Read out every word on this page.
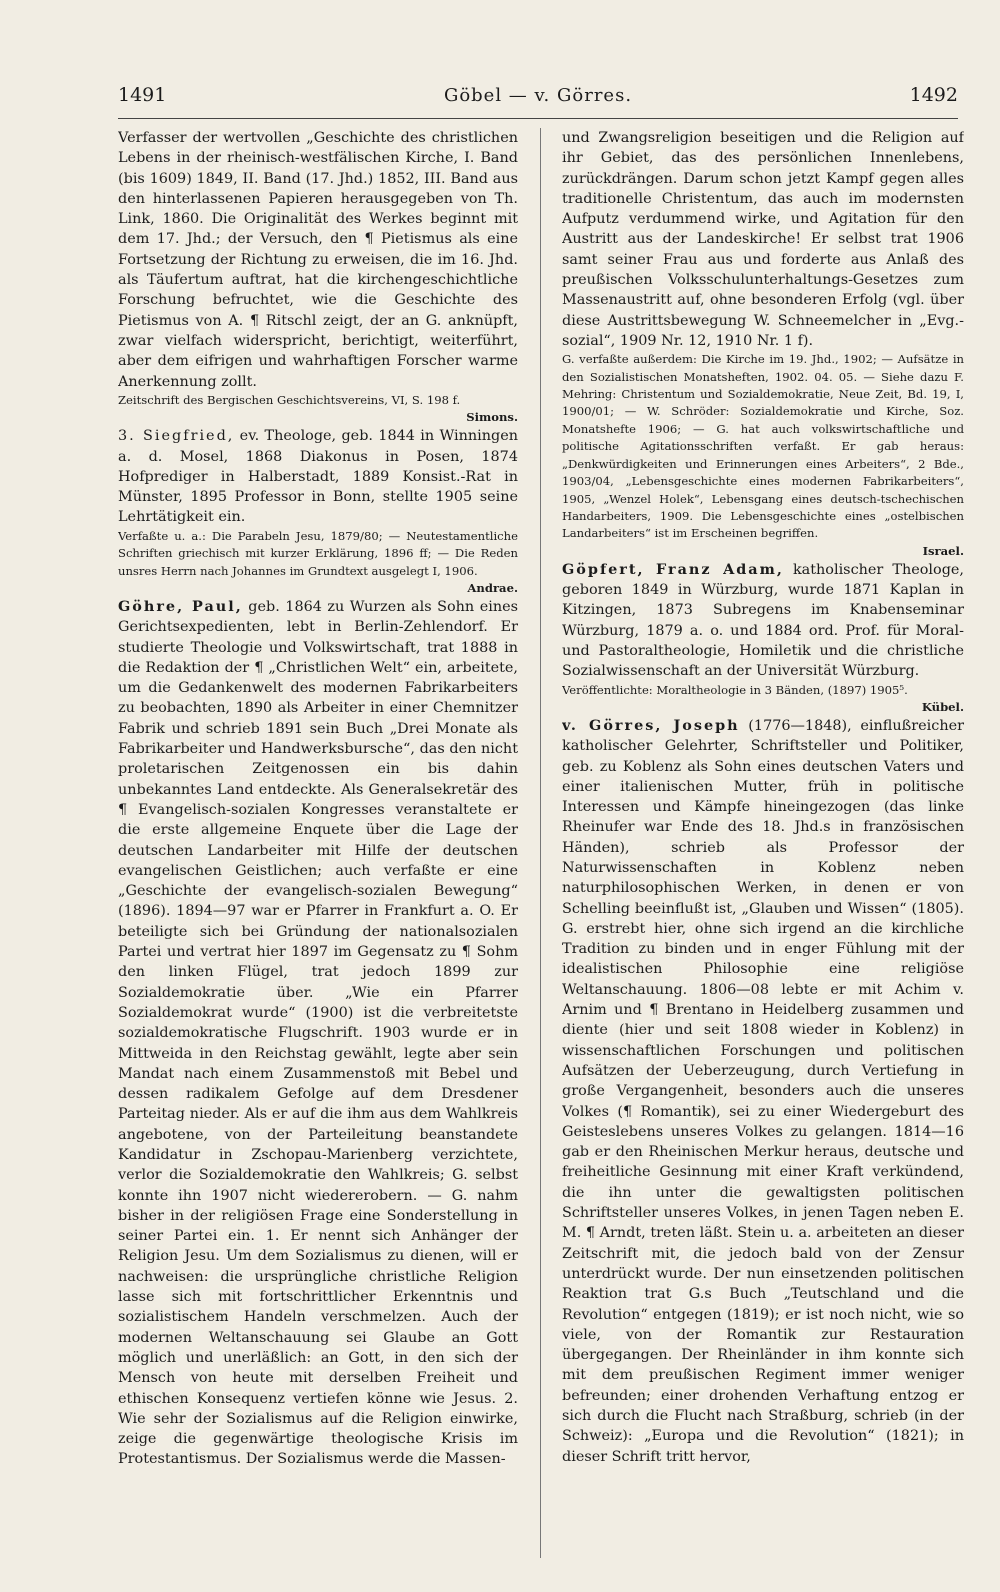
1491	Göbel — v. Görres.	1492

Verfasser der wertvollen „Geschichte des christlichen Lebens in der rheinisch-westfälischen Kirche, I. Band (bis 1609) 1849, II. Band (17. Jhd.) 1852, III. Band aus den hinterlassenen Papieren herausgegeben von Th. Link, 1860. Die Originalität des Werkes beginnt mit dem 17. Jhd.; der Versuch, den ¶ Pietismus als eine Fortsetzung der Richtung zu erweisen, die im 16. Jhd. als Täufertum auftrat, hat die kirchengeschichtliche Forschung befruchtet, wie die Geschichte des Pietismus von A. ¶ Ritschl zeigt, der an G. anknüpft, zwar vielfach widerspricht, berichtigt, weiterführt, aber dem eifrigen und wahrhaftigen Forscher warme Anerkennung zollt.

Zeitschrift des Bergischen Geschichtsvereins, VI, S. 198 f.

Simons.

3. Siegfried, ev. Theologe, geb. 1844 in Winningen a. d. Mosel, 1868 Diakonus in Posen, 1874 Hofprediger in Halberstadt, 1889 Konsist.-Rat in Münster, 1895 Professor in Bonn, stellte 1905 seine Lehrtätigkeit ein.

Verfaßte u. a.: Die Parabeln Jesu, 1879/80; — Neutestamentliche Schriften griechisch mit kurzer Erklärung, 1896 ff; — Die Reden unsres Herrn nach Johannes im Grundtext ausgelegt I, 1906.

Andrae.

Göhre, Paul, geb. 1864 zu Wurzen als Sohn eines Gerichtsexpedienten, lebt in Berlin-Zehlendorf. Er studierte Theologie und Volkswirtschaft, trat 1888 in die Redaktion der ¶ „Christlichen Welt“ ein, arbeitete, um die Gedankenwelt des modernen Fabrikarbeiters zu beobachten, 1890 als Arbeiter in einer Chemnitzer Fabrik und schrieb 1891 sein Buch „Drei Monate als Fabrikarbeiter und Handwerksbursche“, das den nicht proletarischen Zeitgenossen ein bis dahin unbekanntes Land entdeckte. Als Generalsekretär des ¶ Evangelisch-sozialen Kongresses veranstaltete er die erste allgemeine Enquete über die Lage der deutschen Landarbeiter mit Hilfe der deutschen evangelischen Geistlichen; auch verfaßte er eine „Geschichte der evangelisch-sozialen Bewegung“ (1896). 1894—97 war er Pfarrer in Frankfurt a. O. Er beteiligte sich bei Gründung der nationalsozialen Partei und vertrat hier 1897 im Gegensatz zu ¶ Sohm den linken Flügel, trat jedoch 1899 zur Sozialdemokratie über. „Wie ein Pfarrer Sozialdemokrat wurde“ (1900) ist die verbreitetste sozialdemokratische Flugschrift. 1903 wurde er in Mittweida in den Reichstag gewählt, legte aber sein Mandat nach einem Zusammenstoß mit Bebel und dessen radikalem Gefolge auf dem Dresdener Parteitag nieder. Als er auf die ihm aus dem Wahlkreis angebotene, von der Parteileitung beanstandete Kandidatur in Zschopau-Marienberg verzichtete, verlor die Sozialdemokratie den Wahlkreis; G. selbst konnte ihn 1907 nicht wiedererobern. — G. nahm bisher in der religiösen Frage eine Sonderstellung in seiner Partei ein. 1. Er nennt sich Anhänger der Religion Jesu. Um dem Sozialismus zu dienen, will er nachweisen: die ursprüngliche christliche Religion lasse sich mit fortschrittlicher Erkenntnis und sozialistischem Handeln verschmelzen. Auch der modernen Weltanschauung sei Glaube an Gott möglich und unerläßlich: an Gott, in den sich der Mensch von heute mit derselben Freiheit und ethischen Konsequenz vertiefen könne wie Jesus. 2. Wie sehr der Sozialismus auf die Religion einwirke, zeige die gegenwärtige theologische Krisis im Protestantismus. Der Sozialismus werde die Massen-

und Zwangsreligion beseitigen und die Religion auf ihr Gebiet, das des persönlichen Innenlebens, zurückdrängen. Darum schon jetzt Kampf gegen alles traditionelle Christentum, das auch im modernsten Aufputz verdummend wirke, und Agitation für den Austritt aus der Landeskirche! Er selbst trat 1906 samt seiner Frau aus und forderte aus Anlaß des preußischen Volksschulunterhaltungs-Gesetzes zum Massenaustritt auf, ohne besonderen Erfolg (vgl. über diese Austrittsbewegung W. Schneemelcher in „Evg.-sozial“, 1909 Nr. 12, 1910 Nr. 1 f).

G. verfaßte außerdem: Die Kirche im 19. Jhd., 1902; — Aufsätze in den Sozialistischen Monatsheften, 1902. 04. 05. — Siehe dazu F. Mehring: Christentum und Sozialdemokratie, Neue Zeit, Bd. 19, I, 1900/01; — W. Schröder: Sozialdemokratie und Kirche, Soz. Monatshefte 1906; — G. hat auch volkswirtschaftliche und politische Agitationsschriften verfaßt. Er gab heraus: „Denkwürdigkeiten und Erinnerungen eines Arbeiters“, 2 Bde., 1903/04, „Lebensgeschichte eines modernen Fabrikarbeiters“, 1905, „Wenzel Holek“, Lebensgang eines deutsch-tschechischen Handarbeiters, 1909. Die Lebensgeschichte eines „ostelbischen Landarbeiters“ ist im Erscheinen begriffen.

Israel.

Göpfert, Franz Adam, katholischer Theologe, geboren 1849 in Würzburg, wurde 1871 Kaplan in Kitzingen, 1873 Subregens im Knabenseminar Würzburg, 1879 a. o. und 1884 ord. Prof. für Moral- und Pastoraltheologie, Homiletik und die christliche Sozialwissenschaft an der Universität Würzburg.

Veröffentlichte: Moraltheologie in 3 Bänden, (1897) 1905⁵.

Kübel.

v. Görres, Joseph (1776—1848), einflußreicher katholischer Gelehrter, Schriftsteller und Politiker, geb. zu Koblenz als Sohn eines deutschen Vaters und einer italienischen Mutter, früh in politische Interessen und Kämpfe hineingezogen (das linke Rheinufer war Ende des 18. Jhd.s in französischen Händen), schrieb als Professor der Naturwissenschaften in Koblenz neben naturphilosophischen Werken, in denen er von Schelling beeinflußt ist, „Glauben und Wissen“ (1805). G. erstrebt hier, ohne sich irgend an die kirchliche Tradition zu binden und in enger Fühlung mit der idealistischen Philosophie eine religiöse Weltanschauung. 1806—08 lebte er mit Achim v. Arnim und ¶ Brentano in Heidelberg zusammen und diente (hier und seit 1808 wieder in Koblenz) in wissenschaftlichen Forschungen und politischen Aufsätzen der Ueberzeugung, durch Vertiefung in große Vergangenheit, besonders auch die unseres Volkes (¶ Romantik), sei zu einer Wiedergeburt des Geisteslebens unseres Volkes zu gelangen. 1814—16 gab er den Rheinischen Merkur heraus, deutsche und freiheitliche Gesinnung mit einer Kraft verkündend, die ihn unter die gewaltigsten politischen Schriftsteller unseres Volkes, in jenen Tagen neben E. M. ¶ Arndt, treten läßt. Stein u. a. arbeiteten an dieser Zeitschrift mit, die jedoch bald von der Zensur unterdrückt wurde. Der nun einsetzenden politischen Reaktion trat G.s Buch „Teutschland und die Revolution“ entgegen (1819); er ist noch nicht, wie so viele, von der Romantik zur Restauration übergegangen. Der Rheinländer in ihm konnte sich mit dem preußischen Regiment immer weniger befreunden; einer drohenden Verhaftung entzog er sich durch die Flucht nach Straßburg, schrieb (in der Schweiz): „Europa und die Revolution“ (1821); in dieser Schrift tritt hervor,
